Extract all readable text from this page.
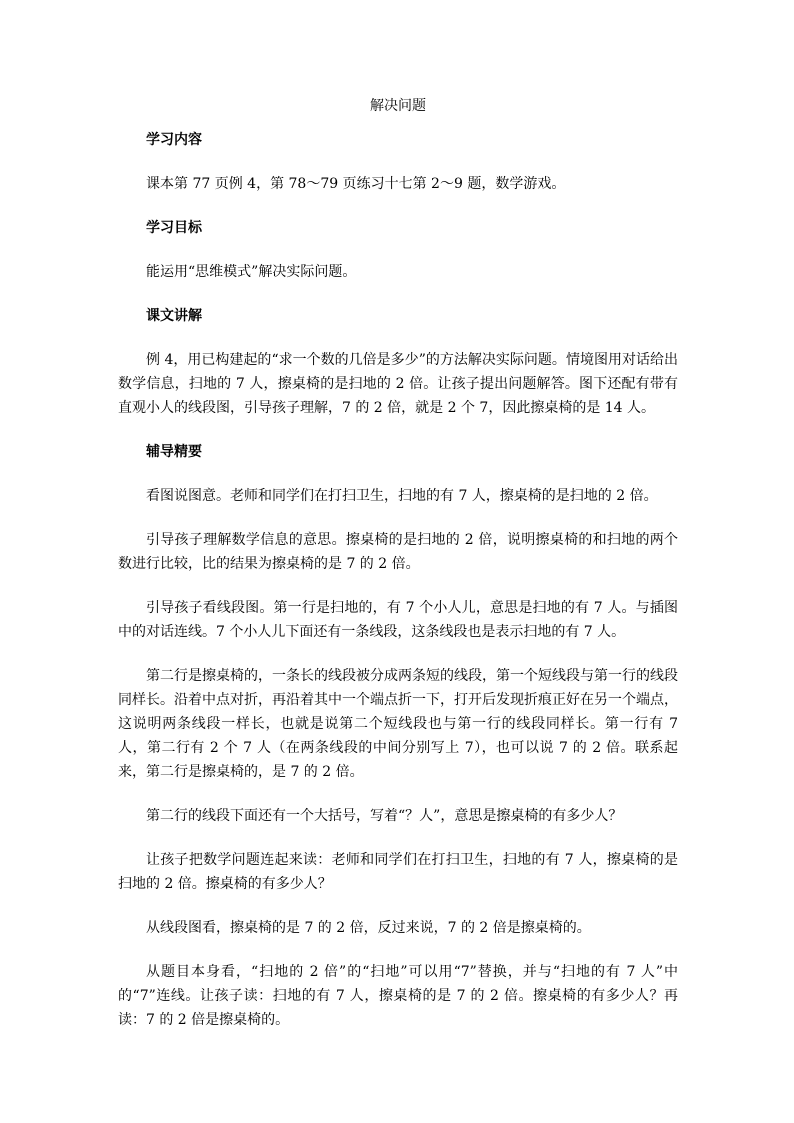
解决问题
学习内容
课本第 77 页例 4，第 78～79 页练习十七第 2～9 题，数学游戏。
学习目标
能运用“思维模式”解决实际问题。
课文讲解
例 4，用已构建起的“求一个数的几倍是多少”的方法解决实际问题。情境图用对话给出数学信息，扫地的 7 人，擦桌椅的是扫地的 2 倍。让孩子提出问题解答。图下还配有带有直观小人的线段图，引导孩子理解，7 的 2 倍，就是 2 个 7，因此擦桌椅的是 14 人。
辅导精要
看图说图意。老师和同学们在打扫卫生，扫地的有 7 人，擦桌椅的是扫地的 2 倍。
引导孩子理解数学信息的意思。擦桌椅的是扫地的 2 倍，说明擦桌椅的和扫地的两个数进行比较，比的结果为擦桌椅的是 7 的 2 倍。
引导孩子看线段图。第一行是扫地的，有 7 个小人儿，意思是扫地的有 7 人。与插图中的对话连线。7 个小人儿下面还有一条线段，这条线段也是表示扫地的有 7 人。
第二行是擦桌椅的，一条长的线段被分成两条短的线段，第一个短线段与第一行的线段同样长。沿着中点对折，再沿着其中一个端点折一下，打开后发现折痕正好在另一个端点，这说明两条线段一样长，也就是说第二个短线段也与第一行的线段同样长。第一行有 7 人，第二行有 2 个 7 人（在两条线段的中间分别写上 7），也可以说 7 的 2 倍。联系起来，第二行是擦桌椅的，是 7 的 2 倍。
第二行的线段下面还有一个大括号，写着“？人”，意思是擦桌椅的有多少人？
让孩子把数学问题连起来读：老师和同学们在打扫卫生，扫地的有 7 人，擦桌椅的是扫地的 2 倍。擦桌椅的有多少人？
从线段图看，擦桌椅的是 7 的 2 倍，反过来说，7 的 2 倍是擦桌椅的。
从题目本身看，“扫地的 2 倍”的“扫地”可以用“7”替换，并与“扫地的有 7 人”中的“7”连线。让孩子读：扫地的有 7 人，擦桌椅的是 7 的 2 倍。擦桌椅的有多少人？再读：7 的 2 倍是擦桌椅的。
